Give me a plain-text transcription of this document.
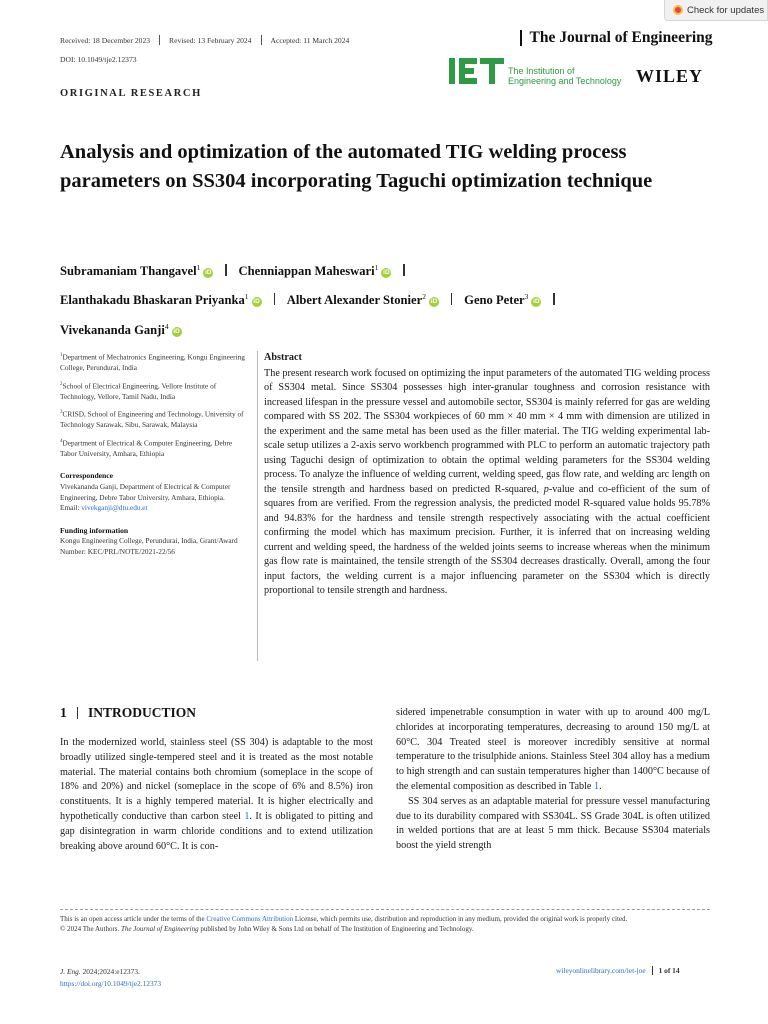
Check for updates
Received: 18 December 2023	Revised: 13 February 2024	Accepted: 11 March 2024	The Journal of Engineering
DOI: 10.1049/tje2.12373
The Institution of
Engineering and Technology WILEY
ORIGINAL RESEARCH
Analysis and optimization of the automated TIG welding process parameters on SS304 incorporating Taguchi optimization technique
Subramaniam Thangavel$^1$iD Chenniappan Maheswari$^1$iD
Elanthakadu Bhaskaran Priyanka$^1$iD Albert Alexander Stonier$^2$iD Geno Peter$^3$iD
Vivekananda Ganji$^4$iD
$^1$Department of Mechatronics Engineering, Kongu Engineering College, Perundurai, India
$^2$School of Electrical Engineering, Vellore Institute of Technology, Vellore, Tamil Nadu, India
$^3$CRISD, School of Engineering and Technology, University of Technology Sarawak, Sibu, Sarawak, Malaysia
$^4$Department of Electrical & Computer Engineering, Debre Tabor University, Amhara, Ethiopia
Correspondence
Vivekananda Ganji, Department of Electrical & Computer Engineering, Debre Tabor University, Amhara, Ethiopia.
Email: vivekganji@dtu.edu.et
Funding information
Kongu Engineering College, Perundurai, India, Grant/Award Number: KEC/PRL/NOTE/2021-22/56
Abstract
The present research work focused on optimizing the input parameters of the automated TIG welding process of SS304 metal. Since SS304 possesses high inter-granular toughness and corrosion resistance with increased lifespan in the pressure vessel and automobile sector, SS304 is mainly referred for gas are welding compared with SS 202. The SS304 workpieces of 60 mm × 40 mm × 4 mm with dimension are utilized in the experiment and the same metal has been used as the filler material. The TIG welding experimental lab-scale setup utilizes a 2-axis servo workbench programmed with PLC to perform an automatic trajectory path using Taguchi design of optimization to obtain the optimal welding parameters for the SS304 welding process. To analyze the influence of welding current, welding speed, gas flow rate, and welding arc length on the tensile strength and hardness based on predicted R-squared, p-value and co-efficient of the sum of squares from are verified. From the regression analysis, the predicted model R-squared value holds 95.78% and 94.83% for the hardness and tensile strength respectively associating with the actual coefficient confirming the model which has maximum precision. Further, it is inferred that on increasing welding current and welding speed, the hardness of the welded joints seems to increase whereas when the minimum gas flow rate is maintained, the tensile strength of the SS304 decreases drastically. Overall, among the four input factors, the welding current is a major influencing parameter on the SS304 which is directly proportional to tensile strength and hardness.
1 INTRODUCTION
In the modernized world, stainless steel (SS 304) is adaptable to the most broadly utilized single-tempered steel and it is treated as the most notable material. The material contains both chromium (someplace in the scope of 18% and 20%) and nickel (someplace in the scope of 6% and 8.5%) iron constituents. It is a highly tempered material. It is higher electrically and hypothetically conductive than carbon steel 1. It is obligated to pitting and gap disintegration in warm chloride conditions and to extend utilization breaking above around 60°C. It is con-

sidered impenetrable consumption in water with up to around 400 mg/L chlorides at incorporating temperatures, decreasing to around 150 mg/L at 60°C. 304 Treated steel is moreover incredibly sensitive at normal temperature to the trisulphide anions. Stainless Steel 304 alloy has a medium to high strength and can sustain temperatures higher than 1400°C because of the elemental composition as described in Table 1.

SS 304 serves as an adaptable material for pressure vessel manufacturing due to its durability compared with SS304L. SS Grade 304L is often utilized in welded portions that are at least 5 mm thick. Because SS304 materials boost the yield strength

This is an open access article under the terms of the Creative Commons Attribution License, which permits use, distribution and reproduction in any medium, provided the original work is properly cited.
© 2024 The Authors. The Journal of Engineering published by John Wiley & Sons Ltd on behalf of The Institution of Engineering and Technology.
J. Eng. 2024;2024:e12373.
https://doi.org/10.1049/tje2.12373
wileyonlinelibrary.com/iet-joe 1 of 14
